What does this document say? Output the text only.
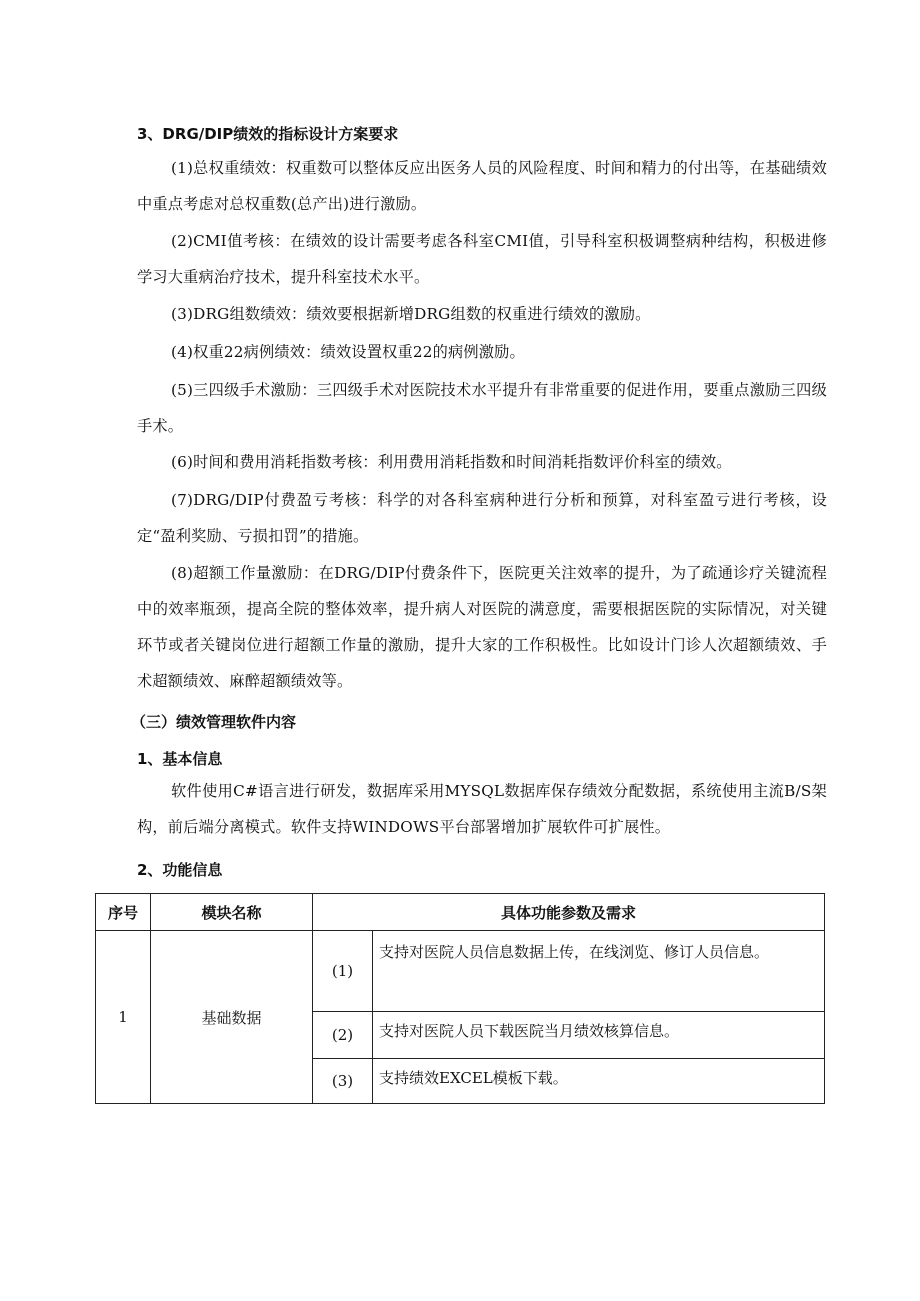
3、DRG/DIP绩效的指标设计方案要求
(1)总权重绩效：权重数可以整体反应出医务人员的风险程度、时间和精力的付出等，在基础绩效中重点考虑对总权重数(总产出)进行激励。
(2)CMI值考核：在绩效的设计需要考虑各科室CMI值，引导科室积极调整病种结构，积极进修学习大重病治疗技术，提升科室技术水平。
(3)DRG组数绩效：绩效要根据新增DRG组数的权重进行绩效的激励。
(4)权重22病例绩效：绩效设置权重22的病例激励。
(5)三四级手术激励：三四级手术对医院技术水平提升有非常重要的促进作用，要重点激励三四级手术。
(6)时间和费用消耗指数考核：利用费用消耗指数和时间消耗指数评价科室的绩效。
(7)DRG/DIP付费盈亏考核：科学的对各科室病种进行分析和预算，对科室盈亏进行考核，设定“盈利奖励、亏损扣罚”的措施。
(8)超额工作量激励：在DRG/DIP付费条件下，医院更关注效率的提升，为了疏通诊疗关键流程中的效率瓶颈，提高全院的整体效率，提升病人对医院的满意度，需要根据医院的实际情况，对关键环节或者关键岗位进行超额工作量的激励，提升大家的工作积极性。比如设计门诊人次超额绩效、手术超额绩效、麻醉超额绩效等。
（三）绩效管理软件内容
1、基本信息
软件使用C#语言进行研发，数据库采用MYSQL数据库保存绩效分配数据，系统使用主流B/S架构，前后端分离模式。软件支持WINDOWS平台部署增加扩展软件可扩展性。
2、功能信息
序号	模块名称	具体功能参数及需求	
1	基础数据	(1)	支持对医院人员信息数据上传，在线浏览、修订人员信息。
		(2)	支持对医院人员下载医院当月绩效核算信息。
		(3)	支持绩效EXCEL模板下载。
